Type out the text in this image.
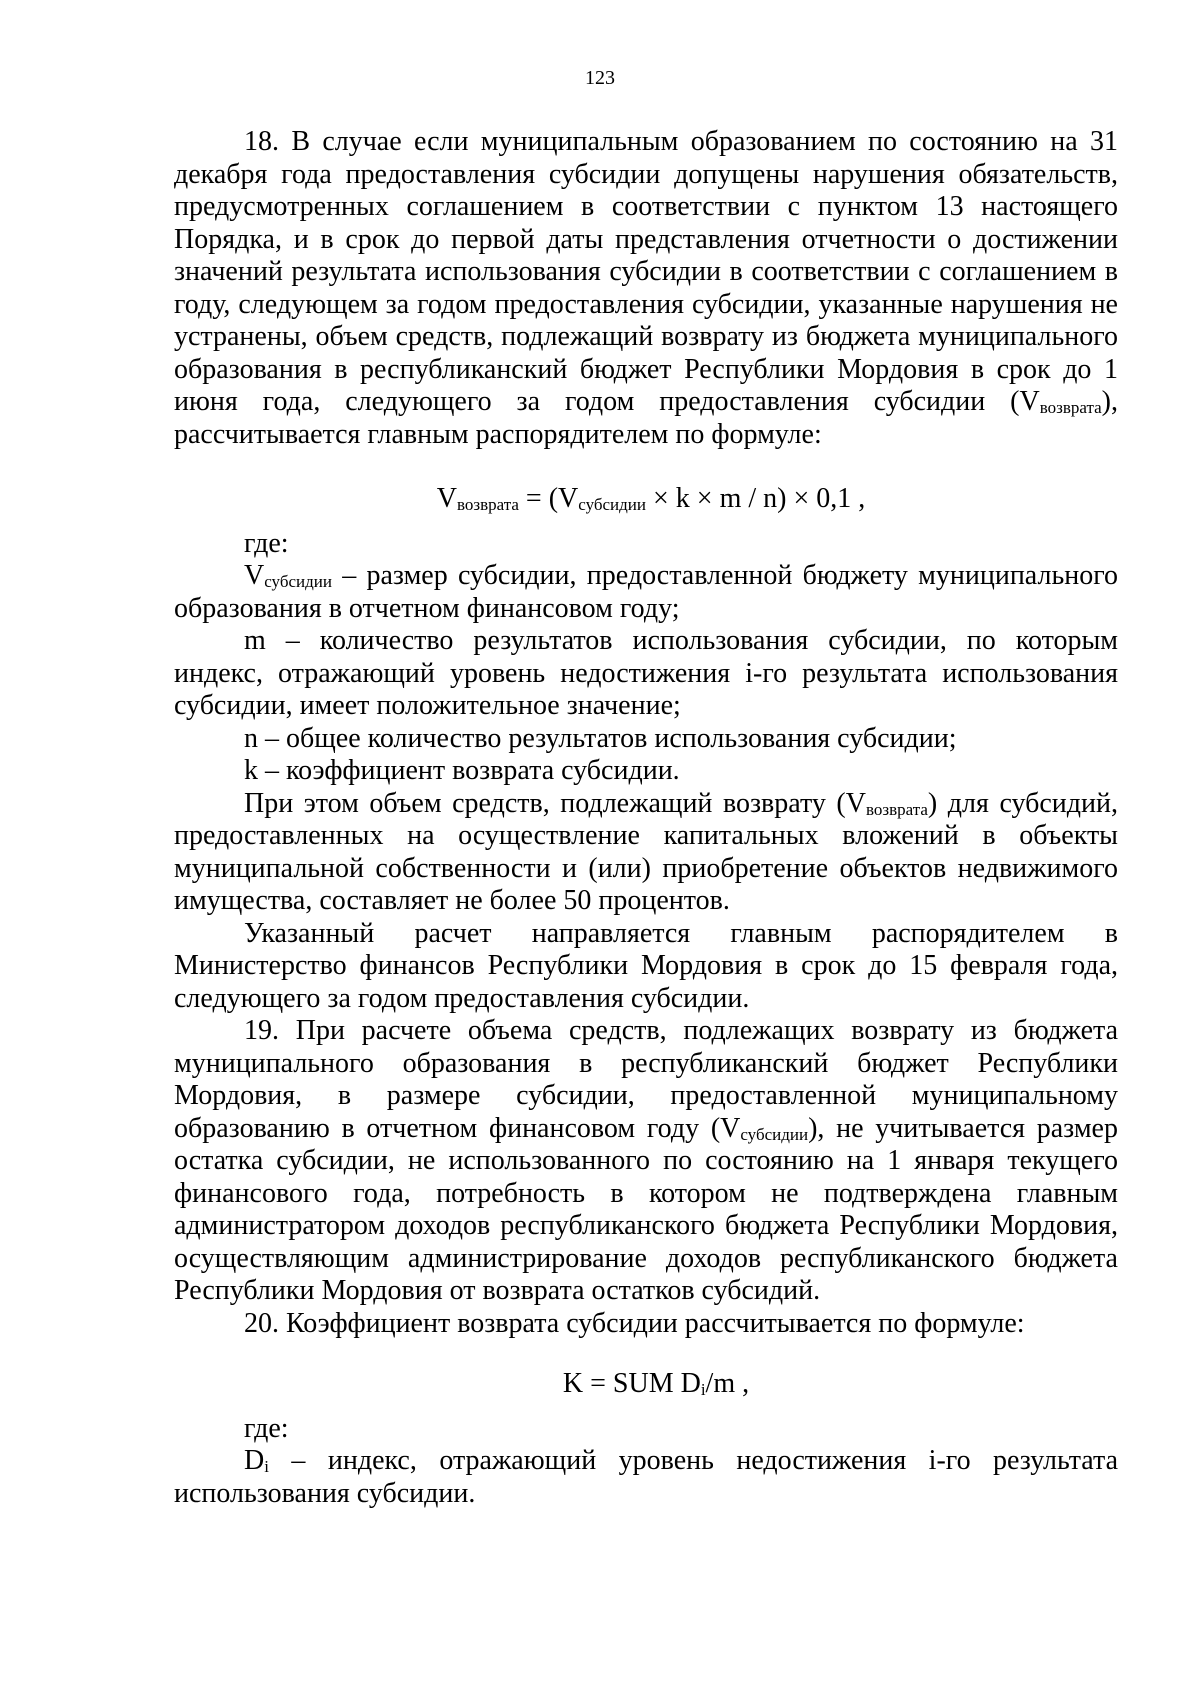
123

18. В случае если муниципальным образованием по состоянию на 31 декабря года предоставления субсидии допущены нарушения обязательств, предусмотренных соглашением в соответствии с пунктом 13 настоящего Порядка, и в срок до первой даты представления отчетности о достижении значений результата использования субсидии в соответствии с соглашением в году, следующем за годом предоставления субсидии, указанные нарушения не устранены, объем средств, подлежащий возврату из бюджета муниципального образования в республиканский бюджет Республики Мордовия в срок до 1 июня года, следующего за годом предоставления субсидии $(V_{возврата})$, рассчитывается главным распорядителем по формуле:

$V_{возврата} = (V_{субсидии} \times k \times m / n) \times 0,1$ ,

где:

$V_{субсидии}$ – размер субсидии, предоставленной бюджету муниципального образования в отчетном финансовом году;

m – количество результатов использования субсидии, по которым индекс, отражающий уровень недостижения i-го результата использования субсидии, имеет положительное значение;

n – общее количество результатов использования субсидии;

k – коэффициент возврата субсидии.

При этом объем средств, подлежащий возврату $(V_{возврата})$ для субсидий, предоставленных на осуществление капитальных вложений в объекты муниципальной собственности и (или) приобретение объектов недвижимого имущества, составляет не более 50 процентов.

Указанный расчет направляется главным распорядителем в Министерство финансов Республики Мордовия в срок до 15 февраля года, следующего за годом предоставления субсидии.

19. При расчете объема средств, подлежащих возврату из бюджета муниципального образования в республиканский бюджет Республики Мордовия, в размере субсидии, предоставленной муниципальному образованию в отчетном финансовом году $(V_{субсидии})$, не учитывается размер остатка субсидии, не использованного по состоянию на 1 января текущего финансового года, потребность в котором не подтверждена главным администратором доходов республиканского бюджета Республики Мордовия, осуществляющим администрирование доходов республиканского бюджета Республики Мордовия от возврата остатков субсидий.

20. Коэффициент возврата субсидии рассчитывается по формуле:

K = SUM $D_i/m$ ,

где:

$D_i$ – индекс, отражающий уровень недостижения i-го результата использования субсидии.
